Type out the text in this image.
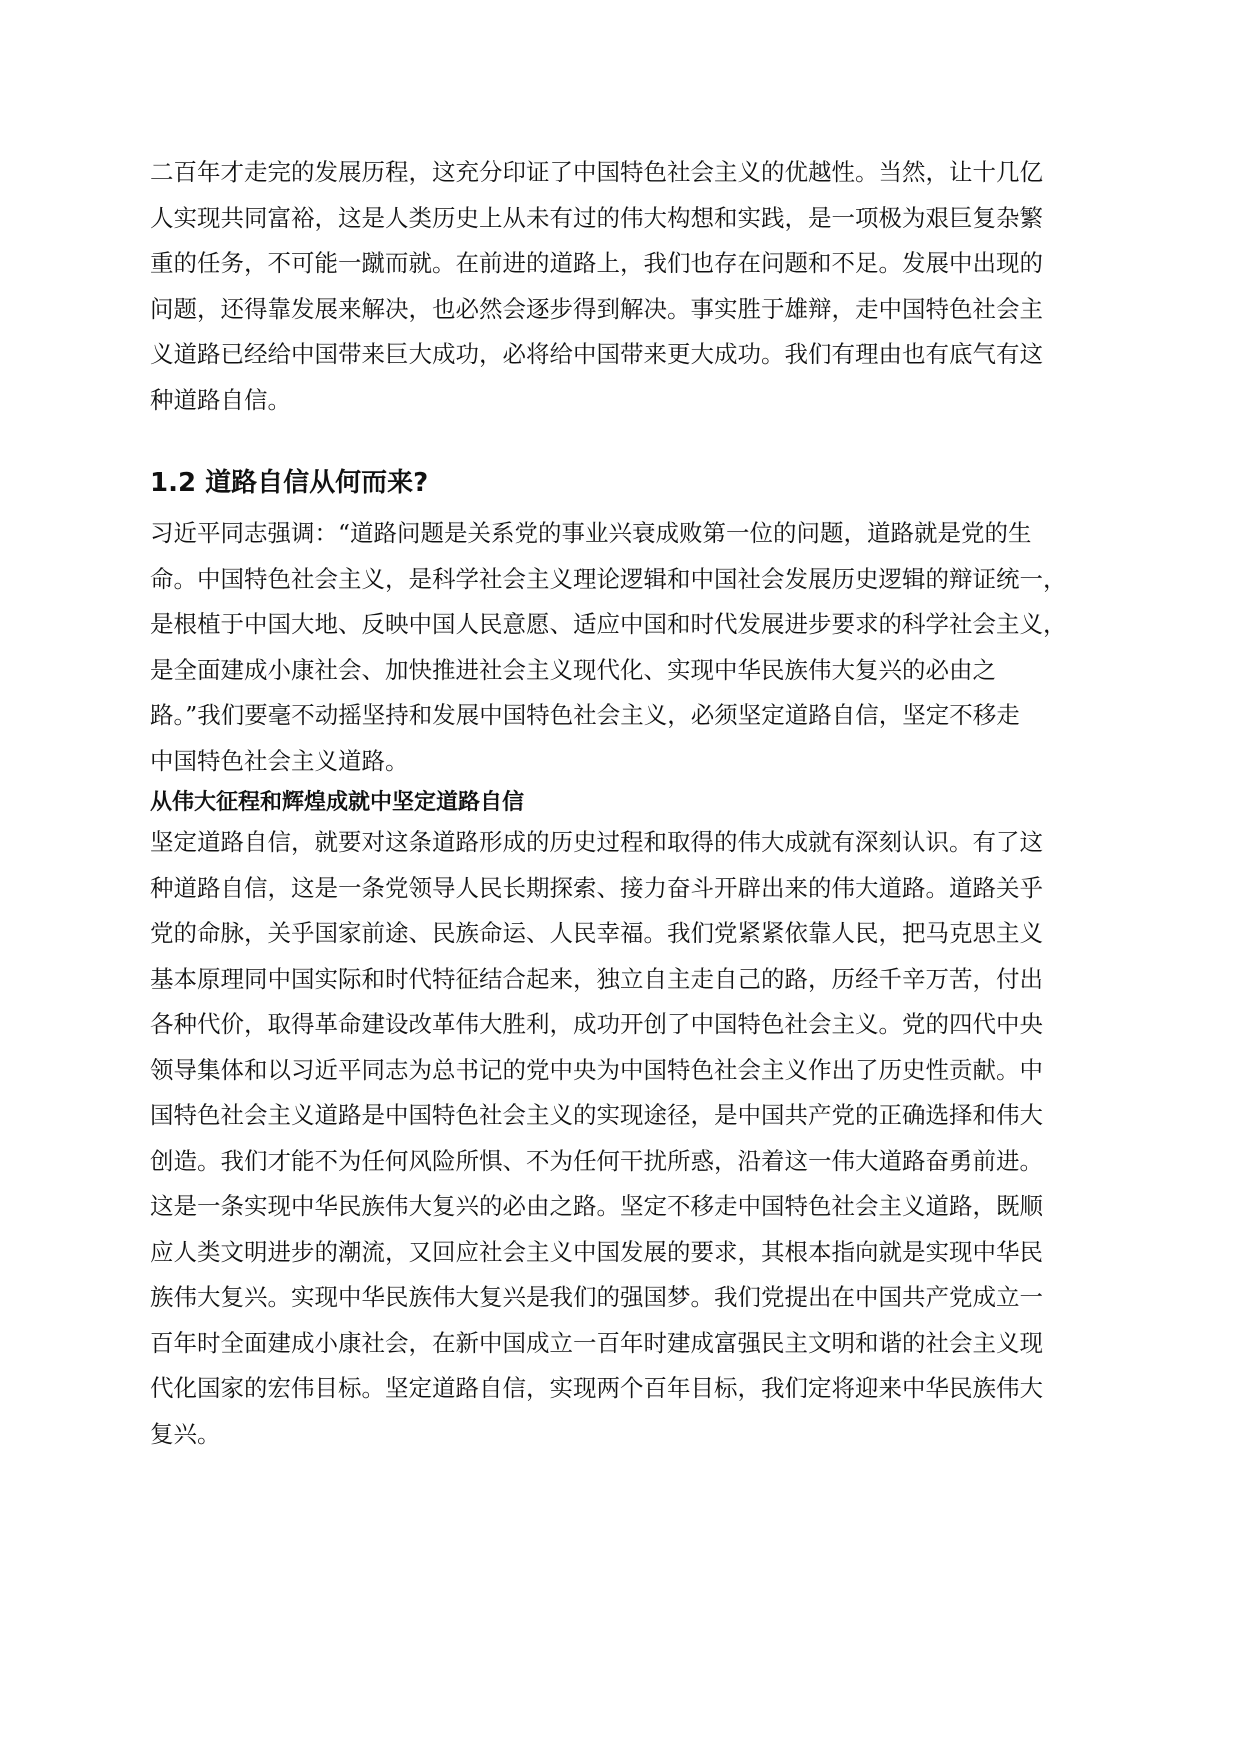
二百年才走完的发展历程，这充分印证了中国特色社会主义的优越性。当然，让十几亿
人实现共同富裕，这是人类历史上从未有过的伟大构想和实践，是一项极为艰巨复杂繁
重的任务，不可能一蹴而就。在前进的道路上，我们也存在问题和不足。发展中出现的
问题，还得靠发展来解决，也必然会逐步得到解决。事实胜于雄辩，走中国特色社会主
义道路已经给中国带来巨大成功，必将给中国带来更大成功。我们有理由也有底气有这
种道路自信。

1.2 道路自信从何而来?

习近平同志强调：“道路问题是关系党的事业兴衰成败第一位的问题，道路就是党的生
命。中国特色社会主义，是科学社会主义理论逻辑和中国社会发展历史逻辑的辩证统一，
是根植于中国大地、反映中国人民意愿、适应中国和时代发展进步要求的科学社会主义，
是全面建成小康社会、加快推进社会主义现代化、实现中华民族伟大复兴的必由之
路。”我们要毫不动摇坚持和发展中国特色社会主义，必须坚定道路自信，坚定不移走
中国特色社会主义道路。

从伟大征程和辉煌成就中坚定道路自信

坚定道路自信，就要对这条道路形成的历史过程和取得的伟大成就有深刻认识。有了这
种道路自信，这是一条党领导人民长期探索、接力奋斗开辟出来的伟大道路。道路关乎
党的命脉，关乎国家前途、民族命运、人民幸福。我们党紧紧依靠人民，把马克思主义
基本原理同中国实际和时代特征结合起来，独立自主走自己的路，历经千辛万苦，付出
各种代价，取得革命建设改革伟大胜利，成功开创了中国特色社会主义。党的四代中央
领导集体和以习近平同志为总书记的党中央为中国特色社会主义作出了历史性贡献。中
国特色社会主义道路是中国特色社会主义的实现途径，是中国共产党的正确选择和伟大
创造。我们才能不为任何风险所惧、不为任何干扰所惑，沿着这一伟大道路奋勇前进。
这是一条实现中华民族伟大复兴的必由之路。坚定不移走中国特色社会主义道路，既顺
应人类文明进步的潮流，又回应社会主义中国发展的要求，其根本指向就是实现中华民
族伟大复兴。实现中华民族伟大复兴是我们的强国梦。我们党提出在中国共产党成立一
百年时全面建成小康社会，在新中国成立一百年时建成富强民主文明和谐的社会主义现
代化国家的宏伟目标。坚定道路自信，实现两个百年目标，我们定将迎来中华民族伟大
复兴。
